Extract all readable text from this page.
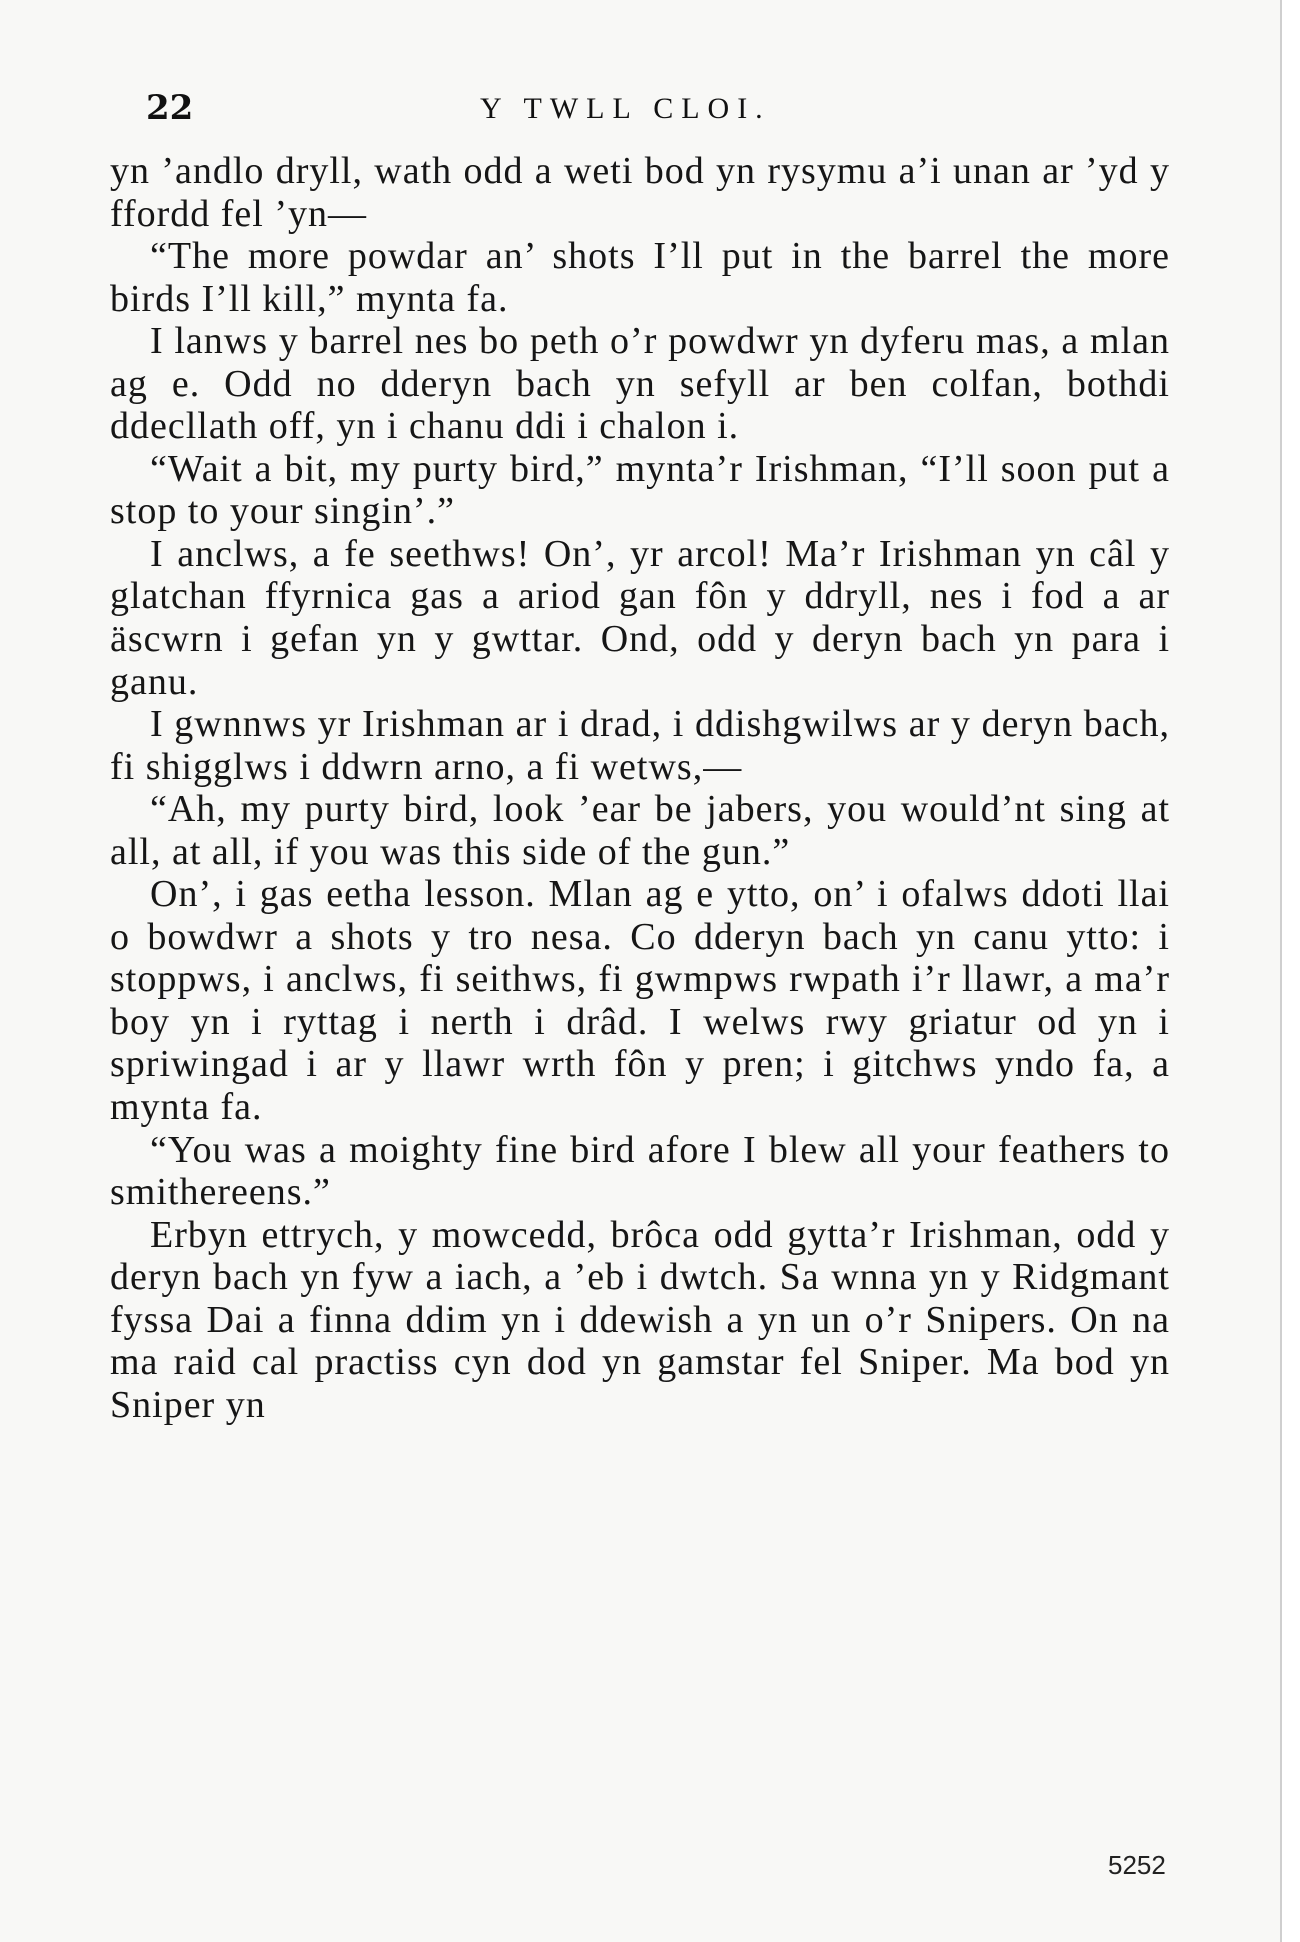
22	Y TWLL CLOI.

yn ’andlo dryll, wath odd a weti bod yn rysymu a’i unan ar ’yd y ffordd fel ’yn—

“The more powdar an’ shots I’ll put in the barrel the more birds I’ll kill,” mynta fa.

I lanws y barrel nes bo peth o’r powdwr yn dyferu mas, a mlan ag e. Odd no dderyn bach yn sefyll ar ben colfan, bothdi ddecllath off, yn i chanu ddi i chalon i.

“Wait a bit, my purty bird,” mynta’r Irishman, “I’ll soon put a stop to your singin’.”

I anclws, a fe seethws! On’, yr arcol! Ma’r Irishman yn câl y glatchan ffyrnica gas a ariod gan fôn y ddryll, nes i fod a ar äscwrn i gefan yn y gwttar. Ond, odd y deryn bach yn para i ganu.

I gwnnws yr Irishman ar i drad, i ddishgwilws ar y deryn bach, fi shigglws i ddwrn arno, a fi wetws,—

“Ah, my purty bird, look ’ear be jabers, you would’nt sing at all, at all, if you was this side of the gun.”

On’, i gas eetha lesson. Mlan ag e ytto, on’ i ofalws ddoti llai o bowdwr a shots y tro nesa. Co dderyn bach yn canu ytto: i stoppws, i anclws, fi seithws, fi gwmpws rwpath i’r llawr, a ma’r boy yn i ryttag i nerth i drâd. I welws rwy griatur od yn i spriwingad i ar y llawr wrth fôn y pren; i gitchws yndo fa, a mynta fa.

“You was a moighty fine bird afore I blew all your feathers to smithereens.”

Erbyn ettrych, y mowcedd, brôca odd gytta’r Irishman, odd y deryn bach yn fyw a iach, a ’eb i dwtch. Sa wnna yn y Ridgmant fyssa Dai a finna ddim yn i ddewish a yn un o’r Snipers. On na ma raid cal practiss cyn dod yn gamstar fel Sniper. Ma bod yn Sniper yn

5252
